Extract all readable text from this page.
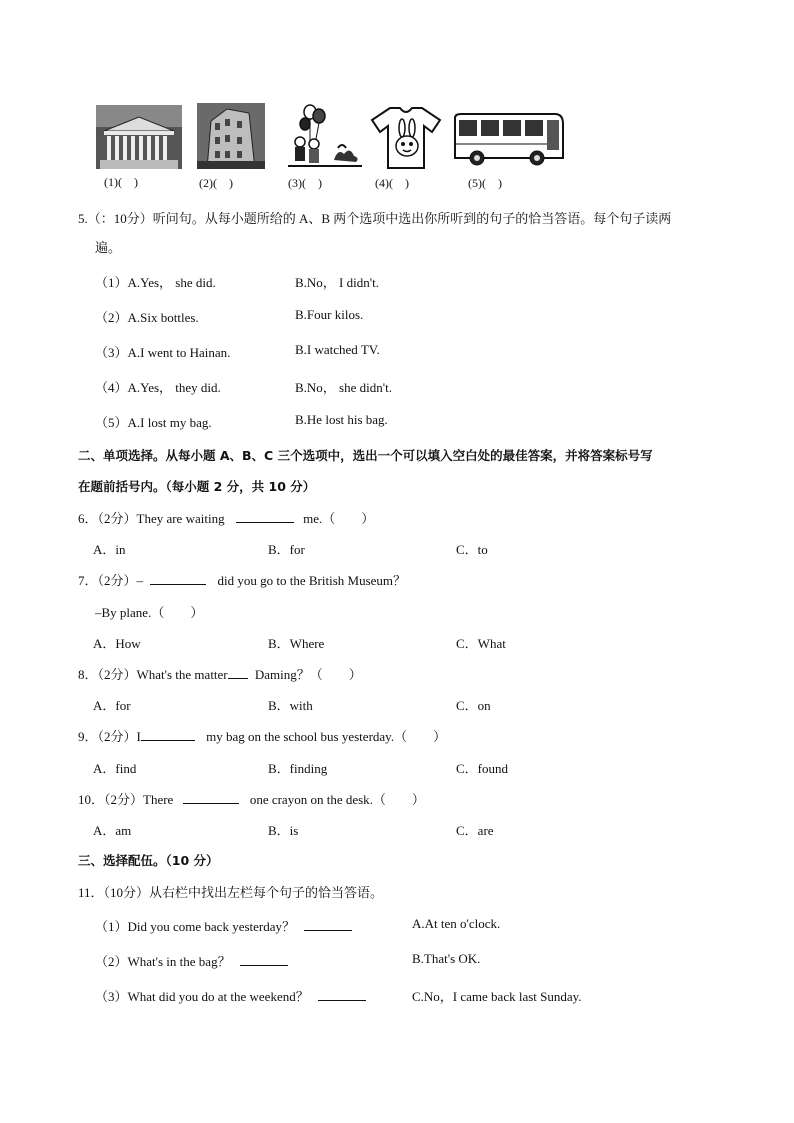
(1)(　)	(2)(　)	(3)(　)	(4)(　)	(5)(　)
5.（：10分）听问句。从每小题所给的 A、B 两个选项中选出你所听到的句子的恰当答语。每个句子读两
遍。
（1）A.Yes， she did.	B.No， I didn't.
（2）A.Six bottles.	B.Four kilos.
（3）A.I went to Hainan.	B.I watched TV.
（4）A.Yes， they did.	B.No， she didn't.
（5）A.I lost my bag.	B.He lost his bag.
二、单项选择。从每小题 A、B、C 三个选项中，选出一个可以填入空白处的最佳答案，并将答案标号写
在题前括号内。（每小题 2 分，共 10 分）
6．（2分）They are waiting	me.（　　）
A．in	B．for	C．to
7．（2分）–	did you go to the British Museum？
–By plane.（　　）
A．How	B．Where	C．What
8．（2分）What's the matter Daming？（　　）
A．for	B．with	C．on
9．（2分）I	my bag on the school bus yesterday.（　　）
A．find	B．finding	C．found
10．（2分）There	one crayon on the desk.（　　）
A．am	B．is	C．are
三、选择配伍。（10 分）
11．（10分）从右栏中找出左栏每个句子的恰当答语。
（1）Did you come back yesterday？	A.At ten o'clock.
（2）What's in the bag？	B.That's OK.
（3）What did you do at the weekend？	C.No，I came back last Sunday.
